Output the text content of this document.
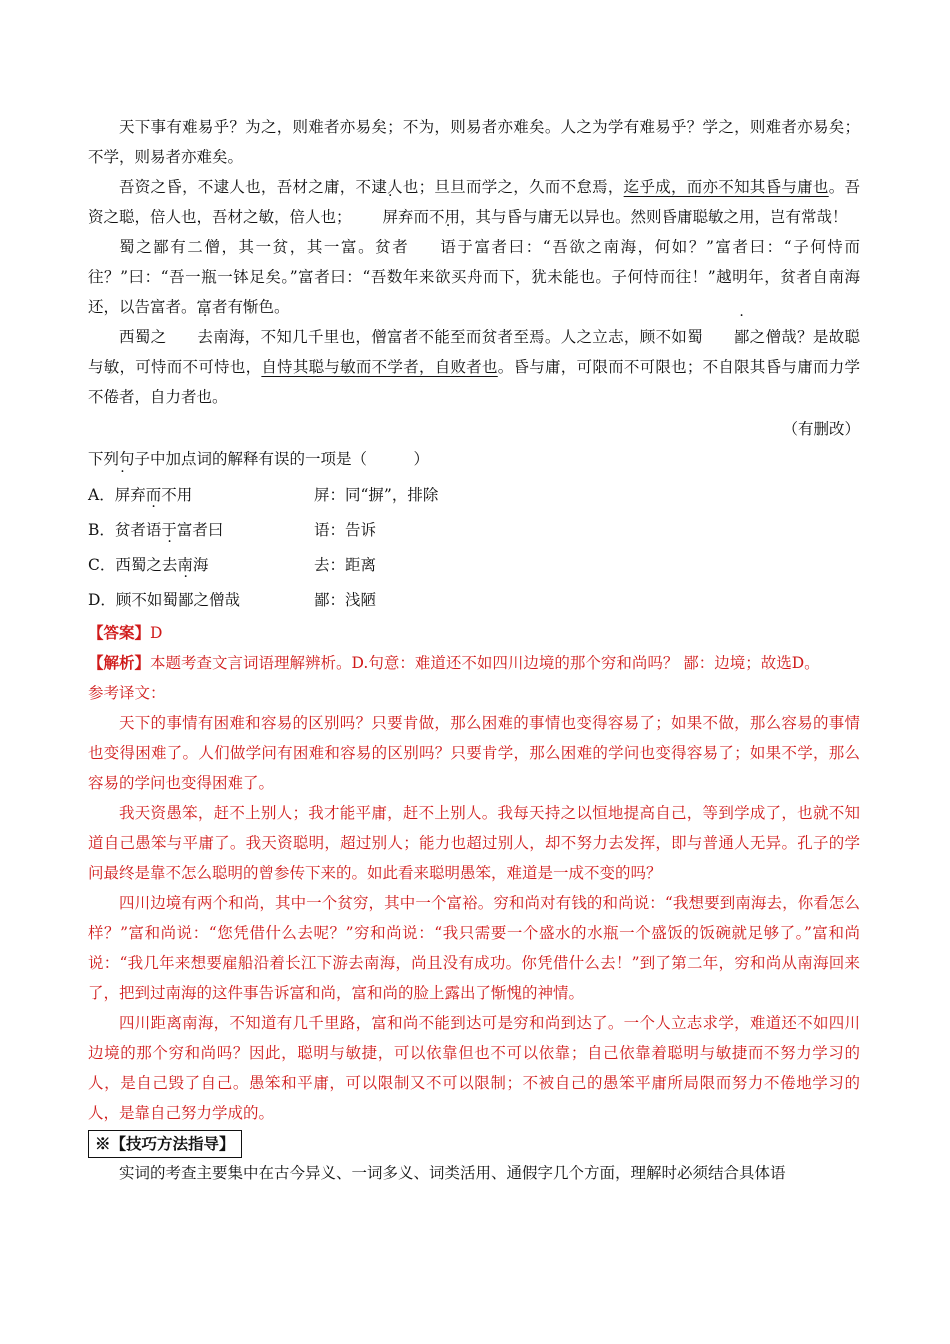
天下事有难易乎？为之，则难者亦易矣；不为，则易者亦难矣。人之为学有难易乎？学之，则难者亦易矣；不学，则易者亦难矣。

吾资之昏，不逮人也，吾材之庸，不逮人也；旦旦而学之，久而不怠焉，迄乎成，而亦不知其昏与庸也。吾资之聪，倍人也，吾材之敏，倍人也； 屏弃而不用，其与昏与庸无以异也。然则昏庸聪敏之用，岂有常哉！

蜀之鄙有二僧，其一贫，其一富。贫者 语于富者曰：“吾欲之南海，何如？”富者曰：“子何恃而往？”曰：“吾一瓶一钵足矣。”富者曰：“吾数年来欲买舟而下，犹未能也。子何恃而往！”越明年，贫者自南海还，以告富者。富者有惭色。

西蜀之 去南海，不知几千里也，僧富者不能至而贫者至焉。人之立志，顾不如蜀 鄙之僧哉？是故聪与敏，可恃而不可恃也，自恃其聪与敏而不学者，自败者也。昏与庸，可限而不可限也；不自限其昏与庸而力学不倦者，自力者也。

（有删改）

下列句子中加点词的解释有误的一项是（　　　）

A．屏弃而不用	屏：同“摒”，排除
B．贫者语于富者曰	语：告诉
C．西蜀之去南海	去：距离
D．顾不如蜀鄙之僧哉	鄙：浅陋

【答案】D

【解析】本题考查文言词语理解辨析。D.句意：难道还不如四川边境的那个穷和尚吗？ 鄙：边境；故选D。

参考译文：

天下的事情有困难和容易的区别吗？只要肯做，那么困难的事情也变得容易了；如果不做，那么容易的事情也变得困难了。人们做学问有困难和容易的区别吗？只要肯学，那么困难的学问也变得容易了；如果不学，那么容易的学问也变得困难了。

我天资愚笨，赶不上别人；我才能平庸，赶不上别人。我每天持之以恒地提高自己，等到学成了，也就不知道自己愚笨与平庸了。我天资聪明，超过别人；能力也超过别人，却不努力去发挥，即与普通人无异。孔子的学问最终是靠不怎么聪明的曾参传下来的。如此看来聪明愚笨，难道是一成不变的吗？

四川边境有两个和尚，其中一个贫穷，其中一个富裕。穷和尚对有钱的和尚说：“我想要到南海去，你看怎么样？”富和尚说：“您凭借什么去呢？”穷和尚说：“我只需要一个盛水的水瓶一个盛饭的饭碗就足够了。”富和尚说：“我几年来想要雇船沿着长江下游去南海，尚且没有成功。你凭借什么去！”到了第二年，穷和尚从南海回来了，把到过南海的这件事告诉富和尚，富和尚的脸上露出了惭愧的神情。

四川距离南海，不知道有几千里路，富和尚不能到达可是穷和尚到达了。一个人立志求学，难道还不如四川边境的那个穷和尚吗？因此，聪明与敏捷，可以依靠但也不可以依靠；自己依靠着聪明与敏捷而不努力学习的人，是自己毁了自己。愚笨和平庸，可以限制又不可以限制；不被自己的愚笨平庸所局限而努力不倦地学习的人，是靠自己努力学成的。

※【技巧方法指导】

实词的考查主要集中在古今异义、一词多义、词类活用、通假字几个方面，理解时必须结合具体语
